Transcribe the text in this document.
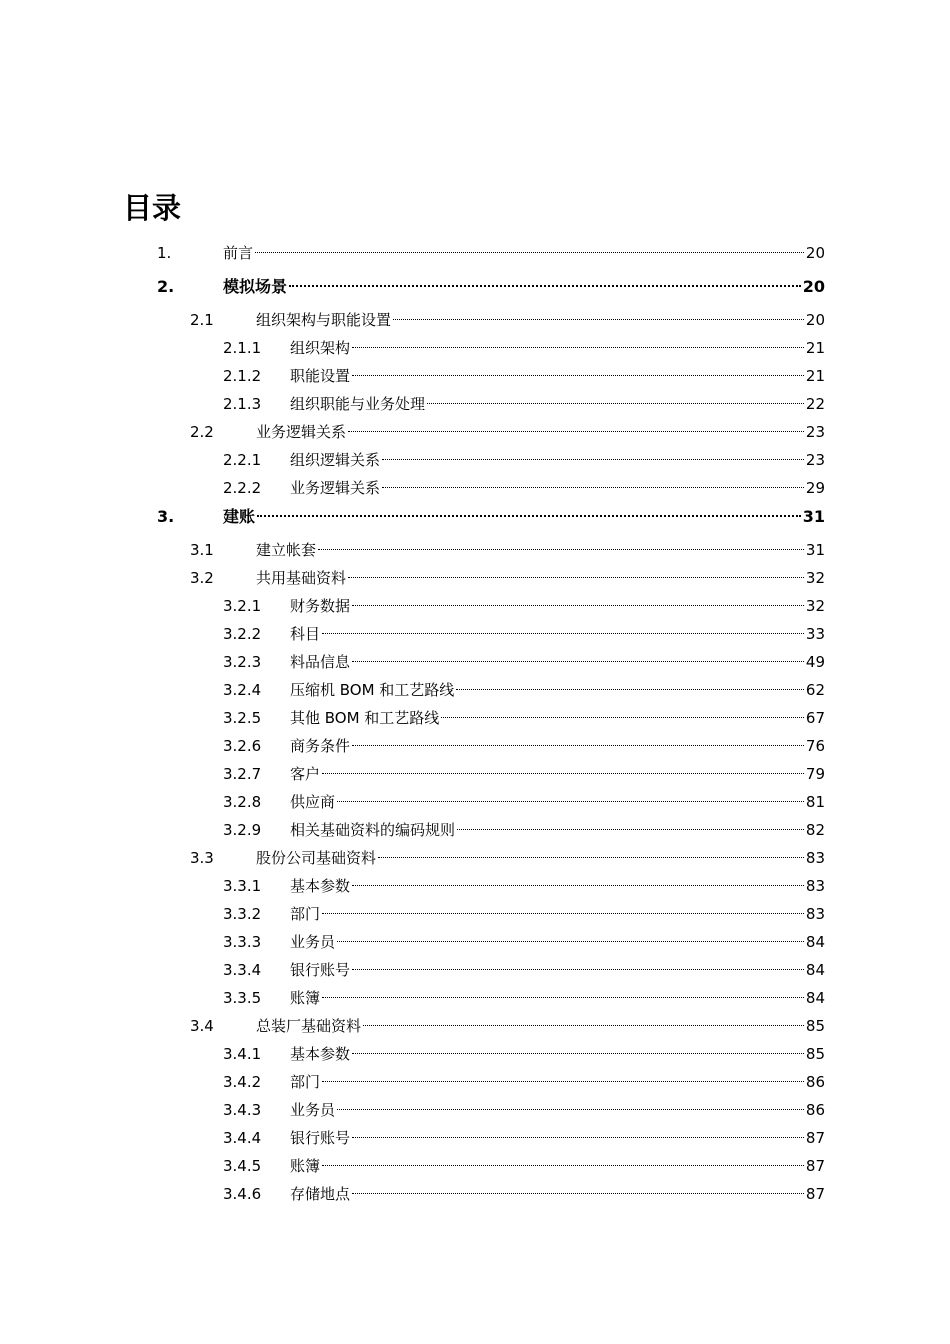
目录
1.	前言	20
2.	模拟场景	20
2.1	组织架构与职能设置	20
2.1.1 组织架构	21
2.1.2 职能设置	21
2.1.3 组织职能与业务处理	22
2.2	业务逻辑关系	23
2.2.1 组织逻辑关系	23
2.2.2 业务逻辑关系	29
3.	建账	31
3.1	建立帐套	31
3.2	共用基础资料	32
3.2.1 财务数据	32
3.2.2 科目	33
3.2.3 料品信息	49
3.2.4 压缩机 BOM 和工艺路线	62
3.2.5 其他 BOM 和工艺路线	67
3.2.6 商务条件	76
3.2.7 客户	79
3.2.8 供应商	81
3.2.9 相关基础资料的编码规则	82
3.3	股份公司基础资料	83
3.3.1 基本参数	83
3.3.2 部门	83
3.3.3 业务员	84
3.3.4 银行账号	84
3.3.5 账簿	84
3.4	总装厂基础资料	85
3.4.1 基本参数	85
3.4.2 部门	86
3.4.3 业务员	86
3.4.4 银行账号	87
3.4.5 账簿	87
3.4.6 存储地点	87
